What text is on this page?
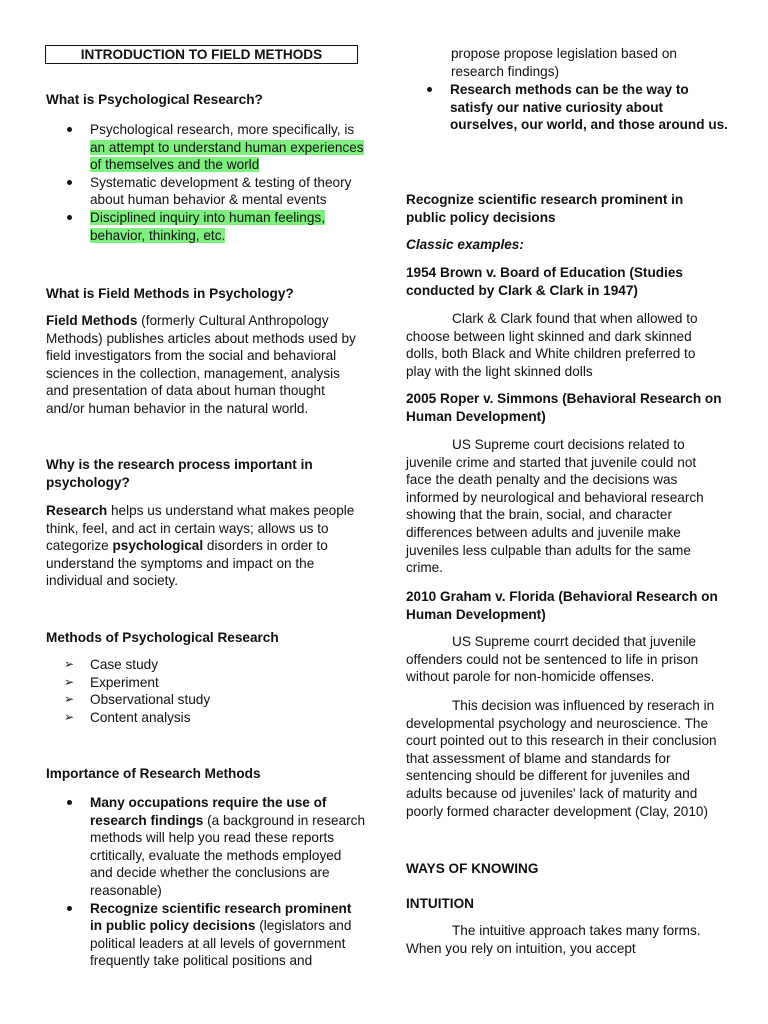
INTRODUCTION TO FIELD METHODS
What is Psychological Research?
Psychological research, more specifically, is an attempt to understand human experiences of themselves and the world
Systematic development & testing of theory about human behavior & mental events
Disciplined inquiry into human feelings, behavior, thinking, etc.
What is Field Methods in Psychology?

Field Methods (formerly Cultural Anthropology Methods) publishes articles about methods used by field investigators from the social and behavioral sciences in the collection, management, analysis and presentation of data about human thought and/or human behavior in the natural world.

Why is the research process important in psychology?

Research helps us understand what makes people think, feel, and act in certain ways; allows us to categorize psychological disorders in order to understand the symptoms and impact on the individual and society.

Methods of Psychological Research
➢ Case study
➢ Experiment
➢ Observational study
➢ Content analysis
Importance of Research Methods
Many occupations require the use of research findings (a background in research methods will help you read these reports crtitically, evaluate the methods employed and decide whether the conclusions are reasonable)
Recognize scientific research prominent in public policy decisions (legislators and political leaders at all levels of government frequently take political positions and

propose propose legislation based on research findings)

Research methods can be the way to satisfy our native curiosity about ourselves, our world, and those around us.
Recognize scientific research prominent in public policy decisions
Classic examples:
1954 Brown v. Board of Education (Studies conducted by Clark & Clark in 1947)

Clark & Clark found that when allowed to choose between light skinned and dark skinned dolls, both Black and White children preferred to play with the light skinned dolls

2005 Roper v. Simmons (Behavioral Research on Human Development)

US Supreme court decisions related to juvenile crime and started that juvenile could not face the death penalty and the decisions was informed by neurological and behavioral research showing that the brain, social, and character differences between adults and juvenile make juveniles less culpable than adults for the same crime.

2010 Graham v. Florida (Behavioral Research on Human Development)

US Supreme courrt decided that juvenile offenders could not be sentenced to life in prison without parole for non-homicide offenses.

This decision was influenced by reserach in developmental psychology and neuroscience. The court pointed out to this research in their conclusion that assessment of blame and standards for sentencing should be different for juveniles and adults because od juveniles' lack of maturity and poorly formed character development (Clay, 2010)

WAYS OF KNOWING
INTUITION

The intuitive approach takes many forms. When you rely on intuition, you accept
